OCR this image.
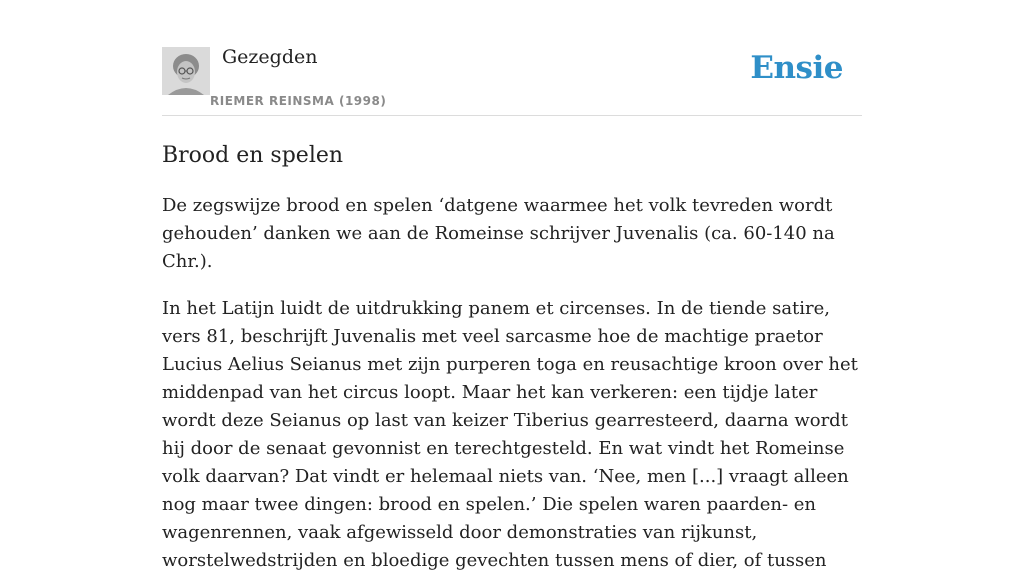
Gezegden
RIEMER REINSMA (1998)
Ensie
Brood en spelen

De zegswijze brood en spelen ‘datgene waarmee het volk tevreden wordt gehouden’ danken we aan de Romeinse schrijver Juvenalis (ca. 60-140 na Chr.).

In het Latijn luidt de uitdrukking panem et circenses. In de tiende satire, vers 81, beschrijft Juvenalis met veel sarcasme hoe de machtige praetor Lucius Aelius Seianus met zijn purperen toga en reusachtige kroon over het middenpad van het circus loopt. Maar het kan verkeren: een tijdje later wordt deze Seianus op last van keizer Tiberius gearresteerd, daarna wordt hij door de senaat gevonnist en terechtgesteld. En wat vindt het Romeinse volk daarvan? Dat vindt er helemaal niets van. ‘Nee, men [...] vraagt alleen nog maar twee dingen: brood en spelen.’ Die spelen waren paarden- en wagenrennen, vaak afgewisseld door demonstraties van rijkunst, worstelwedstrijden en bloedige gevechten tussen mens of dier, of tussen
